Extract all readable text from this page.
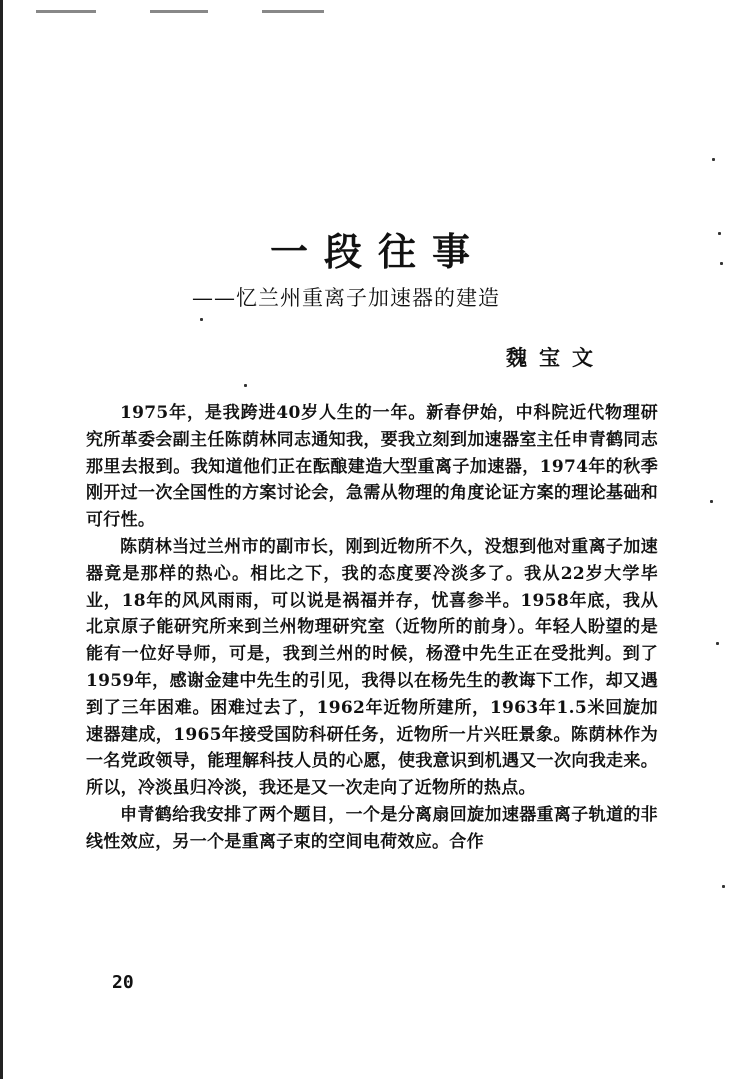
一段往事
——忆兰州重离子加速器的建造
魏宝文

1975年，是我跨进40岁人生的一年。新春伊始，中科院近代物理研究所革委会副主任陈荫林同志通知我，要我立刻到加速器室主任申青鹤同志那里去报到。我知道他们正在酝酿建造大型重离子加速器，1974年的秋季刚开过一次全国性的方案讨论会，急需从物理的角度论证方案的理论基础和可行性。

陈荫林当过兰州市的副市长，刚到近物所不久，没想到他对重离子加速器竟是那样的热心。相比之下，我的态度要冷淡多了。我从22岁大学毕业，18年的风风雨雨，可以说是祸福并存，忧喜参半。1958年底，我从北京原子能研究所来到兰州物理研究室（近物所的前身）。年轻人盼望的是能有一位好导师，可是，我到兰州的时候，杨澄中先生正在受批判。到了1959年，感谢金建中先生的引见，我得以在杨先生的教诲下工作，却又遇到了三年困难。困难过去了，1962年近物所建所，1963年1.5米回旋加速器建成，1965年接受国防科研任务，近物所一片兴旺景象。陈荫林作为一名党政领导，能理解科技人员的心愿，使我意识到机遇又一次向我走来。所以，冷淡虽归冷淡，我还是又一次走向了近物所的热点。

申青鹤给我安排了两个题目，一个是分离扇回旋加速器重离子轨道的非线性效应，另一个是重离子束的空间电荷效应。合作

20
